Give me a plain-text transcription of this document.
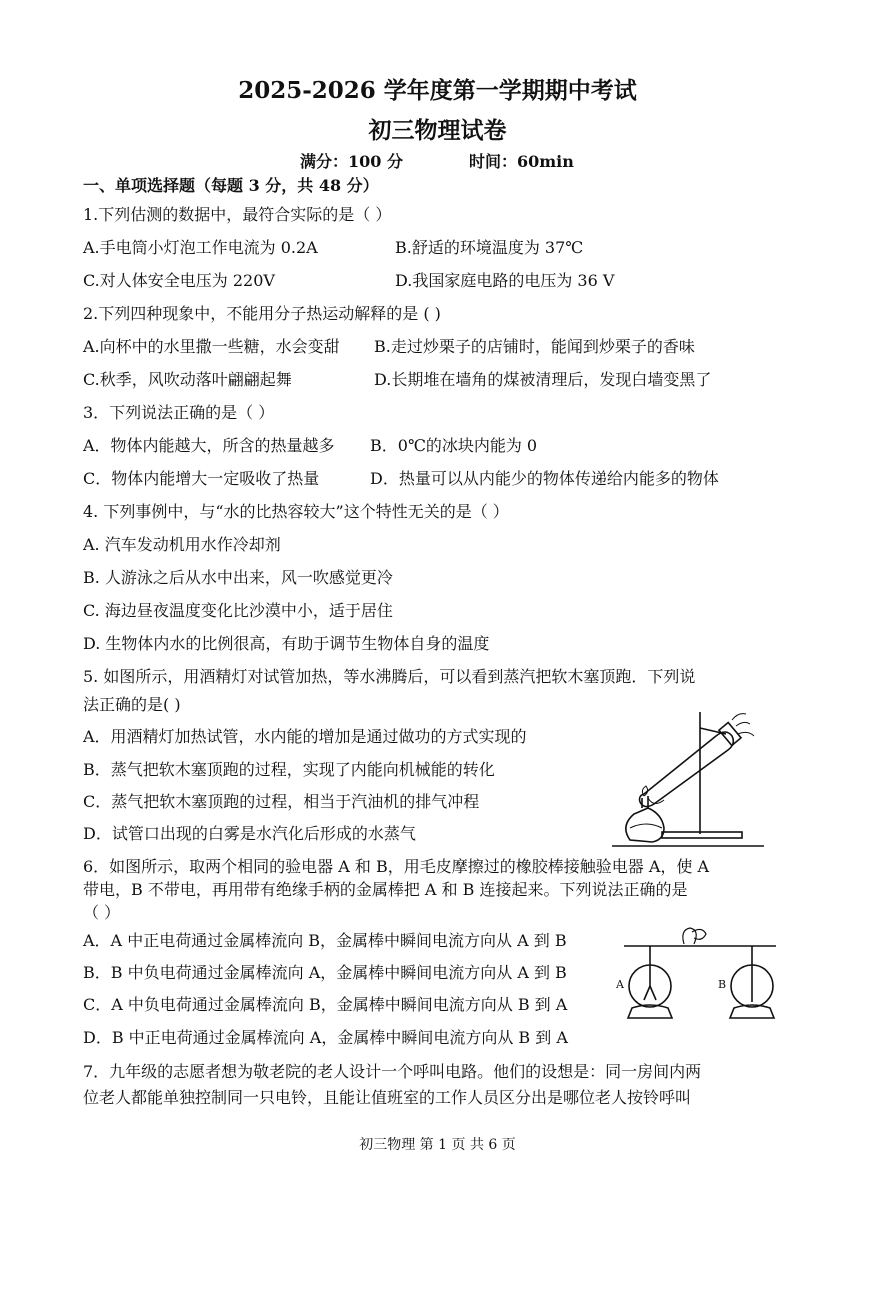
2025-2026 学年度第一学期期中考试
初三物理试卷
满分：100 分	时间：60min
一、单项选择题（每题 3 分，共 48 分）
1.下列估测的数据中，最符合实际的是（ ）
A.手电筒小灯泡工作电流为 0.2A	B.舒适的环境温度为 37℃
C.对人体安全电压为 220V	D.我国家庭电路的电压为 36 V
2.下列四种现象中，不能用分子热运动解释的是 ( )
A.向杯中的水里撒一些糖，水会变甜 B.走过炒栗子的店铺时，能闻到炒栗子的香味
C.秋季，风吹动落叶翩翩起舞	D.长期堆在墙角的煤被清理后，发现白墙变黑了
3．下列说法正确的是（ ）
A．物体内能越大，所含的热量越多 B．0℃的冰块内能为 0
C．物体内能增大一定吸收了热量	D．热量可以从内能少的物体传递给内能多的物体
4. 下列事例中，与“水的比热容较大”这个特性无关的是（ ）
A. 汽车发动机用水作冷却剂
B. 人游泳之后从水中出来，风一吹感觉更冷
C. 海边昼夜温度变化比沙漠中小，适于居住
D. 生物体内水的比例很高，有助于调节生物体自身的温度
5. 如图所示，用酒精灯对试管加热，等水沸腾后，可以看到蒸汽把软木塞顶跑．下列说
法正确的是( )
A．用酒精灯加热试管，水内能的增加是通过做功的方式实现的
B．蒸气把软木塞顶跑的过程，实现了内能向机械能的转化
C．蒸气把软木塞顶跑的过程，相当于汽油机的排气冲程
D．试管口出现的白雾是水汽化后形成的水蒸气
6．如图所示，取两个相同的验电器 A 和 B，用毛皮摩擦过的橡胶棒接触验电器 A，使 A
带电，B 不带电，再用带有绝缘手柄的金属棒把 A 和 B 连接起来。下列说法正确的是
（ ）
A．A 中正电荷通过金属棒流向 B，金属棒中瞬间电流方向从 A 到 B
B．B 中负电荷通过金属棒流向 A，金属棒中瞬间电流方向从 A 到 B
C．A 中负电荷通过金属棒流向 B，金属棒中瞬间电流方向从 B 到 A
D．B 中正电荷通过金属棒流向 A，金属棒中瞬间电流方向从 B 到 A
A	B
7．九年级的志愿者想为敬老院的老人设计一个呼叫电路。他们的设想是：同一房间内两
位老人都能单独控制同一只电铃，且能让值班室的工作人员区分出是哪位老人按铃呼叫
初三物理 第 1 页 共 6 页
